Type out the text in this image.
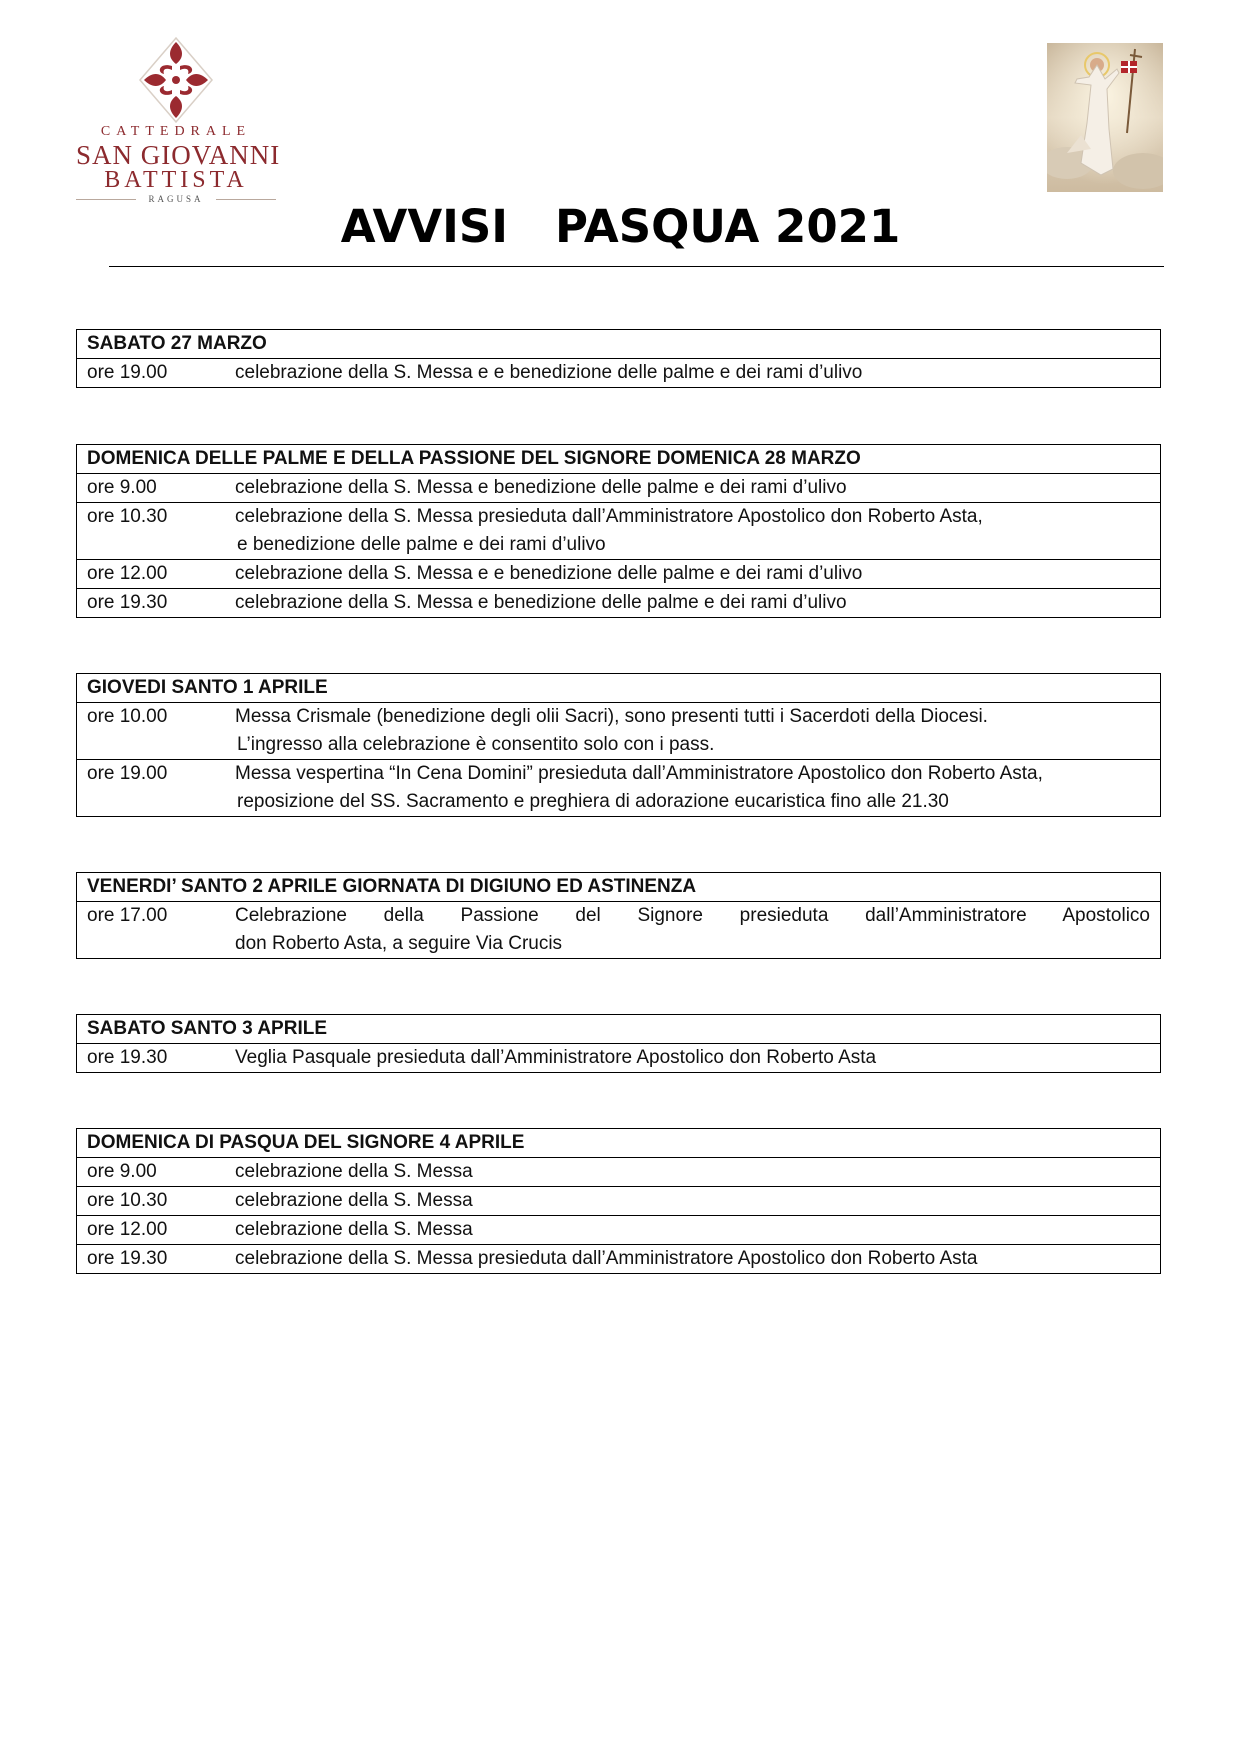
CATTEDRALE
SAN GIOVANNI
BATTISTA
RAGUSA
AVVISI   PASQUA 2021
SABATO 27 MARZO
ore 19.00	celebrazione della S. Messa e e benedizione delle palme e dei rami d’ulivo
DOMENICA DELLE PALME E DELLA PASSIONE DEL SIGNORE DOMENICA 28 MARZO
ore 9.00	celebrazione della S. Messa e benedizione delle palme e dei rami d’ulivo
ore 10.30	celebrazione della S. Messa presieduta dall’Amministratore Apostolico don Roberto Asta,
e benedizione delle palme e dei rami d’ulivo
ore 12.00	celebrazione della S. Messa e e benedizione delle palme e dei rami d’ulivo
ore 19.30	celebrazione della S. Messa e benedizione delle palme e dei rami d’ulivo
GIOVEDI SANTO 1 APRILE
ore 10.00	Messa Crismale (benedizione degli olii Sacri), sono presenti tutti i Sacerdoti della Diocesi.
L’ingresso alla celebrazione è consentito solo con i pass.
ore 19.00	Messa vespertina “In Cena Domini” presieduta dall’Amministratore Apostolico don Roberto Asta,
reposizione del SS. Sacramento e preghiera di adorazione eucaristica fino alle 21.30
VENERDI’ SANTO 2 APRILE GIORNATA DI DIGIUNO ED ASTINENZA
ore 17.00	Celebrazione della Passione del Signore presieduta dall’Amministratore Apostolico
don Roberto Asta, a seguire Via Crucis
SABATO SANTO 3 APRILE
ore 19.30	Veglia Pasquale presieduta dall’Amministratore Apostolico don Roberto Asta
DOMENICA DI PASQUA DEL SIGNORE 4 APRILE
ore 9.00	celebrazione della S. Messa
ore 10.30	celebrazione della S. Messa
ore 12.00	celebrazione della S. Messa
ore 19.30	celebrazione della S. Messa presieduta dall’Amministratore Apostolico don Roberto Asta
